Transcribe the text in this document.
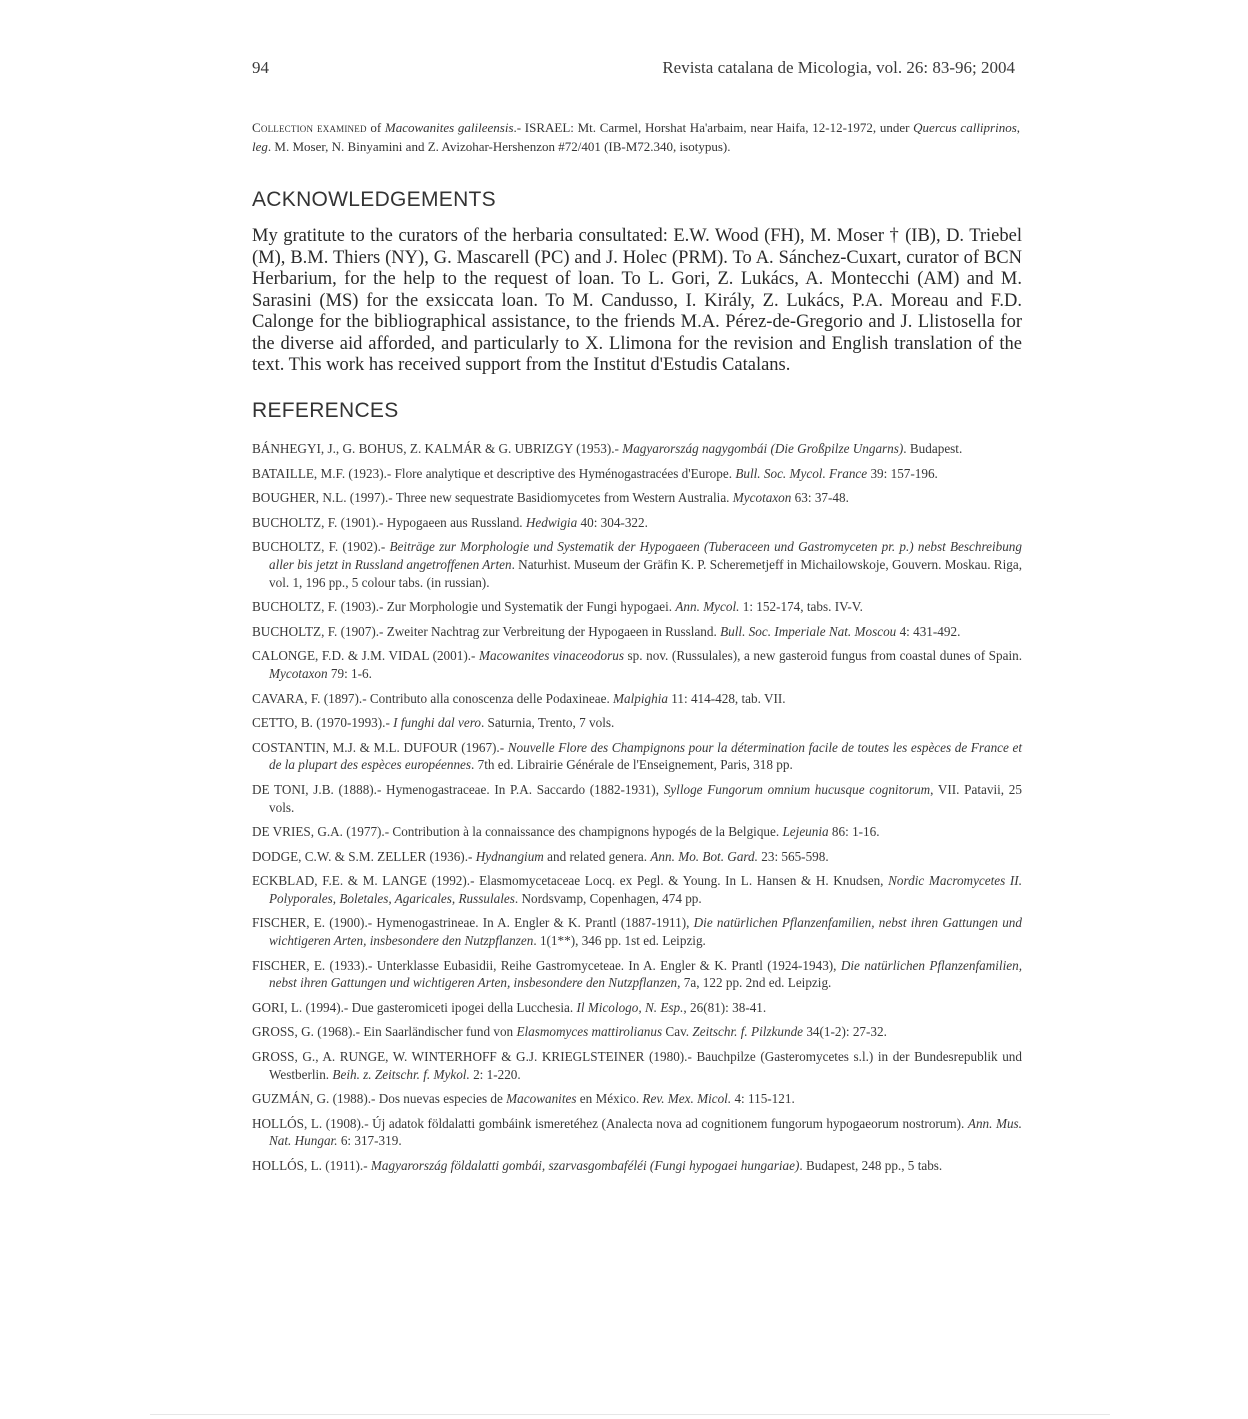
94	Revista catalana de Micologia, vol. 26: 83-96; 2004
Collection examined of Macowanites galileensis.- ISRAEL: Mt. Carmel, Horshat Ha'arbaim, near Haifa, 12-12-1972, under Quercus calliprinos, leg. M. Moser, N. Binyamini and Z. Avizohar-Hershenzon #72/401 (IB-M72.340, isotypus).
ACKNOWLEDGEMENTS

My gratitute to the curators of the herbaria consultated: E.W. Wood (FH), M. Moser † (IB), D. Triebel (M), B.M. Thiers (NY), G. Mascarell (PC) and J. Holec (PRM). To A. Sánchez-Cuxart, curator of BCN Herbarium, for the help to the request of loan. To L. Gori, Z. Lukács, A. Montecchi (AM) and M. Sarasini (MS) for the exsiccata loan. To M. Candusso, I. Király, Z. Lukács, P.A. Moreau and F.D. Calonge for the bibliographical assistance, to the friends M.A. Pérez-de-Gregorio and J. Llistosella for the diverse aid afforded, and particularly to X. Llimona for the revision and English translation of the text. This work has received support from the Institut d'Estudis Catalans.

REFERENCES

BÁNHEGYI, J., G. BOHUS, Z. KALMÁR & G. UBRIZGY (1953).- Magyarország nagygombái (Die Großpilze Ungarns). Budapest.

BATAILLE, M.F. (1923).- Flore analytique et descriptive des Hyménogastracées d'Europe. Bull. Soc. Mycol. France 39: 157-196.

BOUGHER, N.L. (1997).- Three new sequestrate Basidiomycetes from Western Australia. Mycotaxon 63: 37-48.

BUCHOLTZ, F. (1901).- Hypogaeen aus Russland. Hedwigia 40: 304-322.

BUCHOLTZ, F. (1902).- Beiträge zur Morphologie und Systematik der Hypogaeen (Tuberaceen und Gastromyceten pr. p.) nebst Beschreibung aller bis jetzt in Russland angetroffenen Arten. Naturhist. Museum der Gräfin K. P. Scheremetjeff in Michailowskoje, Gouvern. Moskau. Riga, vol. 1, 196 pp., 5 colour tabs. (in russian).

BUCHOLTZ, F. (1903).- Zur Morphologie und Systematik der Fungi hypogaei. Ann. Mycol. 1: 152-174, tabs. IV-V.

BUCHOLTZ, F. (1907).- Zweiter Nachtrag zur Verbreitung der Hypogaeen in Russland. Bull. Soc. Imperiale Nat. Moscou 4: 431-492.

CALONGE, F.D. & J.M. VIDAL (2001).- Macowanites vinaceodorus sp. nov. (Russulales), a new gasteroid fungus from coastal dunes of Spain. Mycotaxon 79: 1-6.

CAVARA, F. (1897).- Contributo alla conoscenza delle Podaxineae. Malpighia 11: 414-428, tab. VII.

CETTO, B. (1970-1993).- I funghi dal vero. Saturnia, Trento, 7 vols.

COSTANTIN, M.J. & M.L. DUFOUR (1967).- Nouvelle Flore des Champignons pour la détermination facile de toutes les espèces de France et de la plupart des espèces européennes. 7th ed. Librairie Générale de l'Enseignement, Paris, 318 pp.

DE TONI, J.B. (1888).- Hymenogastraceae. In P.A. Saccardo (1882-1931), Sylloge Fungorum omnium hucusque cognitorum, VII. Patavii, 25 vols.

DE VRIES, G.A. (1977).- Contribution à la connaissance des champignons hypogés de la Belgique. Lejeunia 86: 1-16.

DODGE, C.W. & S.M. ZELLER (1936).- Hydnangium and related genera. Ann. Mo. Bot. Gard. 23: 565-598.

ECKBLAD, F.E. & M. LANGE (1992).- Elasmomycetaceae Locq. ex Pegl. & Young. In L. Hansen & H. Knudsen, Nordic Macromycetes II. Polyporales, Boletales, Agaricales, Russulales. Nordsvamp, Copenhagen, 474 pp.

FISCHER, E. (1900).- Hymenogastrineae. In A. Engler & K. Prantl (1887-1911), Die natürlichen Pflanzenfamilien, nebst ihren Gattungen und wichtigeren Arten, insbesondere den Nutzpflanzen. 1(1**), 346 pp. 1st ed. Leipzig.

FISCHER, E. (1933).- Unterklasse Eubasidii, Reihe Gastromyceteae. In A. Engler & K. Prantl (1924-1943), Die natürlichen Pflanzenfamilien, nebst ihren Gattungen und wichtigeren Arten, insbesondere den Nutzpflanzen, 7a, 122 pp. 2nd ed. Leipzig.

GORI, L. (1994).- Due gasteromiceti ipogei della Lucchesia. Il Micologo, N. Esp., 26(81): 38-41.

GROSS, G. (1968).- Ein Saarländischer fund von Elasmomyces mattirolianus Cav. Zeitschr. f. Pilzkunde 34(1-2): 27-32.

GROSS, G., A. RUNGE, W. WINTERHOFF & G.J. KRIEGLSTEINER (1980).- Bauchpilze (Gasteromycetes s.l.) in der Bundesrepublik und Westberlin. Beih. z. Zeitschr. f. Mykol. 2: 1-220.

GUZMÁN, G. (1988).- Dos nuevas especies de Macowanites en México. Rev. Mex. Micol. 4: 115-121.

HOLLÓS, L. (1908).- Új adatok földalatti gombáink ismeretéhez (Analecta nova ad cognitionem fungorum hypogaeorum nostrorum). Ann. Mus. Nat. Hungar. 6: 317-319.

HOLLÓS, L. (1911).- Magyarország földalatti gombái, szarvasgombaféléi (Fungi hypogaei hungariae). Budapest, 248 pp., 5 tabs.
